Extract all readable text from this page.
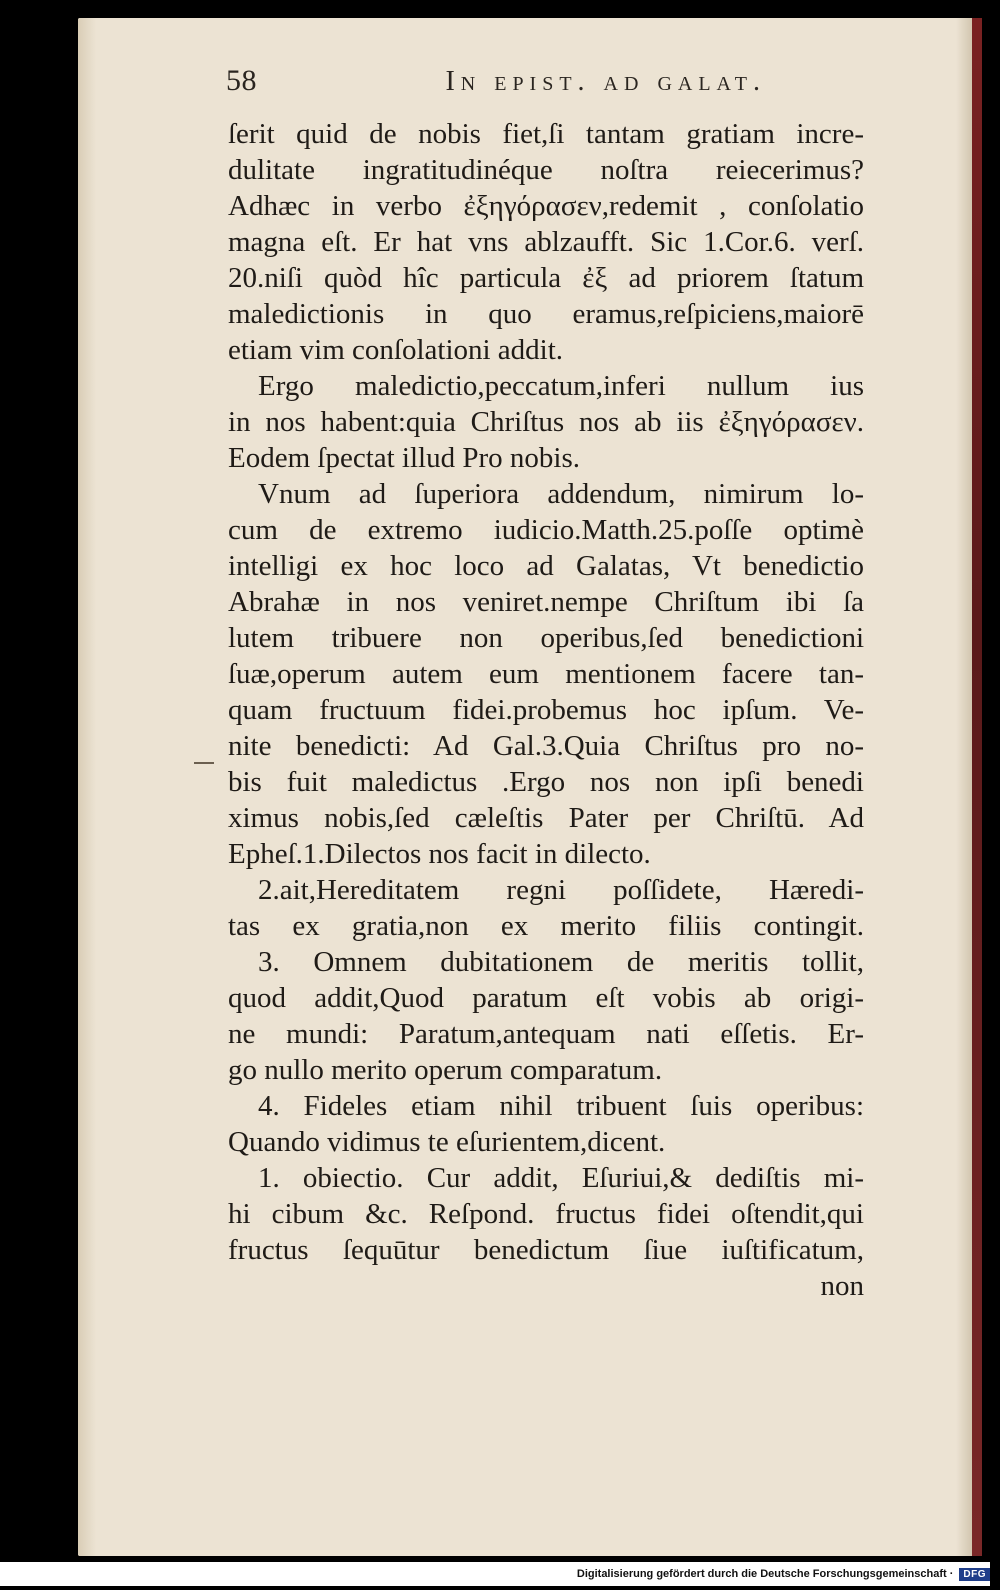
58	In epist. ad galat.
ſerit quid de nobis fiet,ſi tantam gratiam incre-
dulitate ingratitudinéque noſtra reiecerimus?
Adhæc in verbo ἐξηγόρασεν,redemit , conſolatio
magna eſt. Er hat vns ablzaufft. Sic 1.Cor.6. verſ.
20.niſi quòd hîc particula ἐξ ad priorem ſtatum
maledictionis in quo eramus,reſpiciens,maiorē
etiam vim conſolationi addit.
Ergo maledictio,peccatum,inferi nullum ius
in nos habent:quia Chriſtus nos ab iis ἐξηγόρασεν.
Eodem ſpectat illud Pro nobis.
Vnum ad ſuperiora addendum, nimirum lo-
cum de extremo iudicio.Matth.25.poſſe optimè
intelligi ex hoc loco ad Galatas, Vt benedictio
Abrahæ in nos veniret.nempe Chriſtum ibi ſa
lutem tribuere non operibus,ſed benedictioni
ſuæ,operum autem eum mentionem facere tan-
quam fructuum fidei.probemus hoc ipſum. Ve-
nite benedicti: Ad Gal.3.Quia Chriſtus pro no-
bis fuit maledictus .Ergo nos non ipſi benedi
ximus nobis,ſed cæleſtis Pater per Chriſtū. Ad
Epheſ.1.Dilectos nos facit in dilecto.
2.ait,Hereditatem regni poſſidete, Hæredi-
tas ex gratia,non ex merito filiis contingit.
3. Omnem dubitationem de meritis tollit,
quod addit,Quod paratum eſt vobis ab origi-
ne mundi: Paratum,antequam nati eſſetis. Er-
go nullo merito operum comparatum.
4. Fideles etiam nihil tribuent ſuis operibus:
Quando vidimus te eſurientem,dicent.
1. obiectio. Cur addit, Eſuriui,& dediſtis mi-
hi cibum &c. Reſpond. fructus fidei oſtendit,qui
fructus ſequūtur benedictum ſiue iuſtificatum,
non
Digitalisierung gefördert durch die Deutsche Forschungsgemeinschaft ·	DFG
